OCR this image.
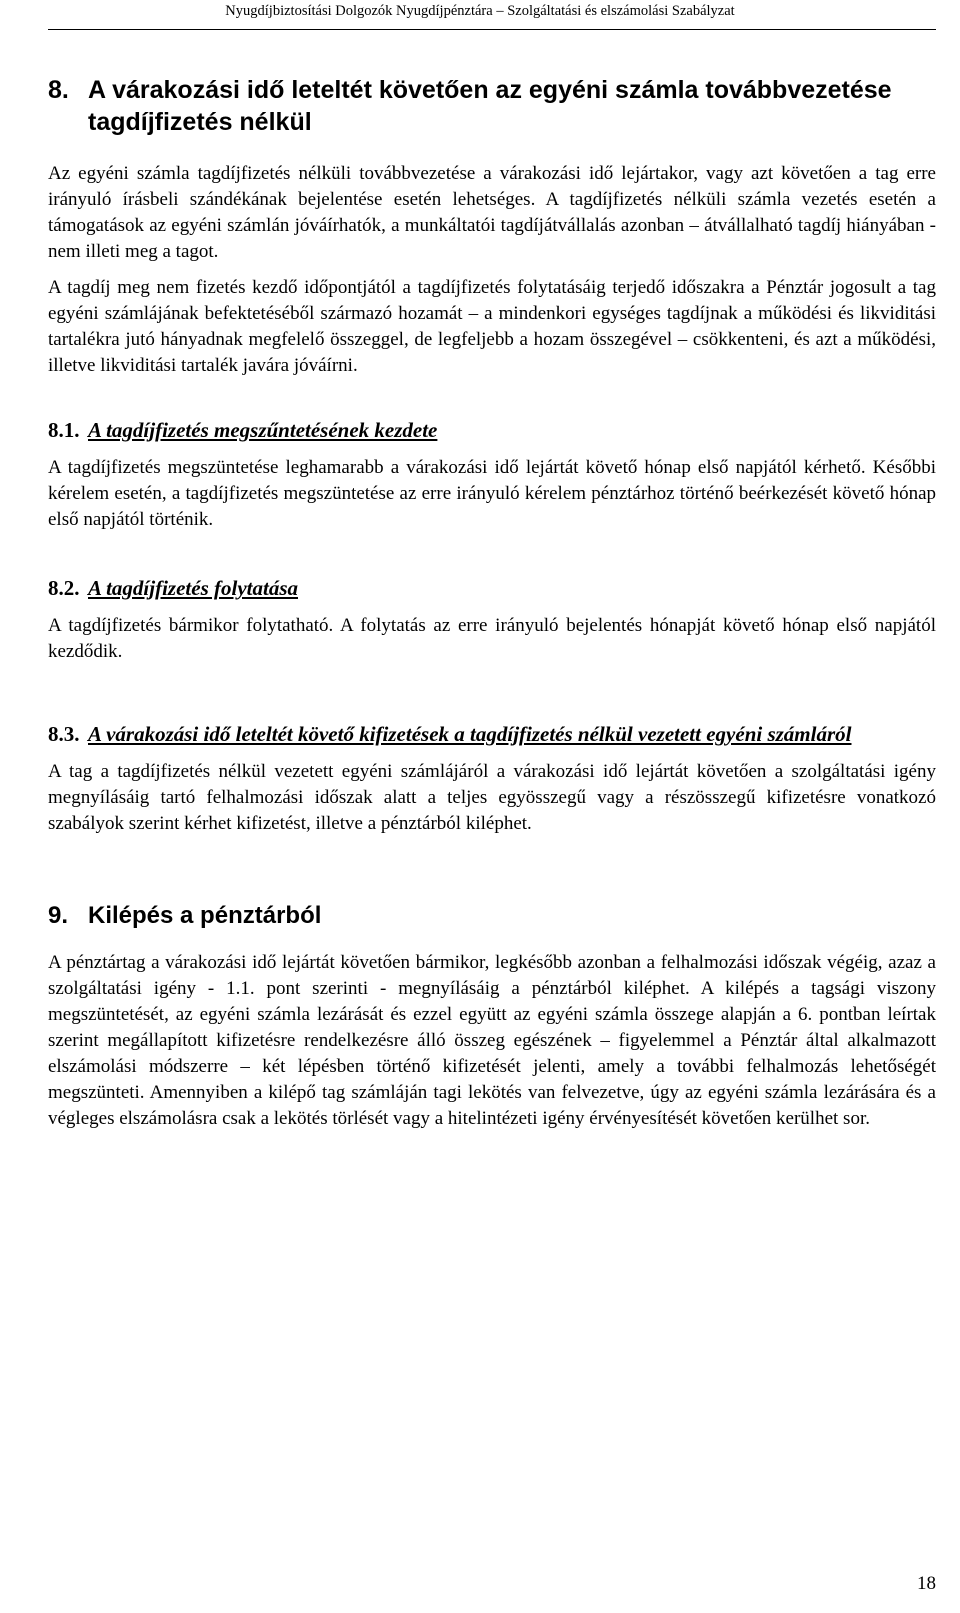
Nyugdíjbiztosítási Dolgozók Nyugdíjpénztára – Szolgáltatási és elszámolási Szabályzat
8. A várakozási idő leteltét követően az egyéni számla továbbvezetése tagdíjfizetés nélkül

Az egyéni számla tagdíjfizetés nélküli továbbvezetése a várakozási idő lejártakor, vagy azt követően a tag erre irányuló írásbeli szándékának bejelentése esetén lehetséges. A tagdíjfizetés nélküli számla vezetés esetén a támogatások az egyéni számlán jóváírhatók, a munkáltatói tagdíjátvállalás azonban – átvállalható tagdíj hiányában - nem illeti meg a tagot.

A tagdíj meg nem fizetés kezdő időpontjától a tagdíjfizetés folytatásáig terjedő időszakra a Pénztár jogosult a tag egyéni számlájának befektetéséből származó hozamát – a mindenkori egységes tagdíjnak a működési és likviditási tartalékra jutó hányadnak megfelelő összeggel, de legfeljebb a hozam összegével – csökkenteni, és azt a működési, illetve likviditási tartalék javára jóváírni.

8.1. A tagdíjfizetés megszűntetésének kezdete

A tagdíjfizetés megszüntetése leghamarabb a várakozási idő lejártát követő hónap első napjától kérhető. Későbbi kérelem esetén, a tagdíjfizetés megszüntetése az erre irányuló kérelem pénztárhoz történő beérkezését követő hónap első napjától történik.

8.2. A tagdíjfizetés folytatása

A tagdíjfizetés bármikor folytatható. A folytatás az erre irányuló bejelentés hónapját követő hónap első napjától kezdődik.

8.3. A várakozási idő leteltét követő kifizetések a tagdíjfizetés nélkül vezetett egyéni számláról

A tag a tagdíjfizetés nélkül vezetett egyéni számlájáról a várakozási idő lejártát követően a szolgáltatási igény megnyílásáig tartó felhalmozási időszak alatt a teljes egyösszegű vagy a részösszegű kifizetésre vonatkozó szabályok szerint kérhet kifizetést, illetve a pénztárból kiléphet.

9. Kilépés a pénztárból

A pénztártag a várakozási idő lejártát követően bármikor, legkésőbb azonban a felhalmozási időszak végéig, azaz a szolgáltatási igény - 1.1. pont szerinti - megnyílásáig a pénztárból kiléphet. A kilépés a tagsági viszony megszüntetését, az egyéni számla lezárását és ezzel együtt az egyéni számla összege alapján a 6. pontban leírtak szerint megállapított kifizetésre rendelkezésre álló összeg egészének – figyelemmel a Pénztár által alkalmazott elszámolási módszerre – két lépésben történő kifizetését jelenti, amely a további felhalmozás lehetőségét megszünteti. Amennyiben a kilépő tag számláján tagi lekötés van felvezetve, úgy az egyéni számla lezárására és a végleges elszámolásra csak a lekötés törlését vagy a hitelintézeti igény érvényesítését követően kerülhet sor.

18
